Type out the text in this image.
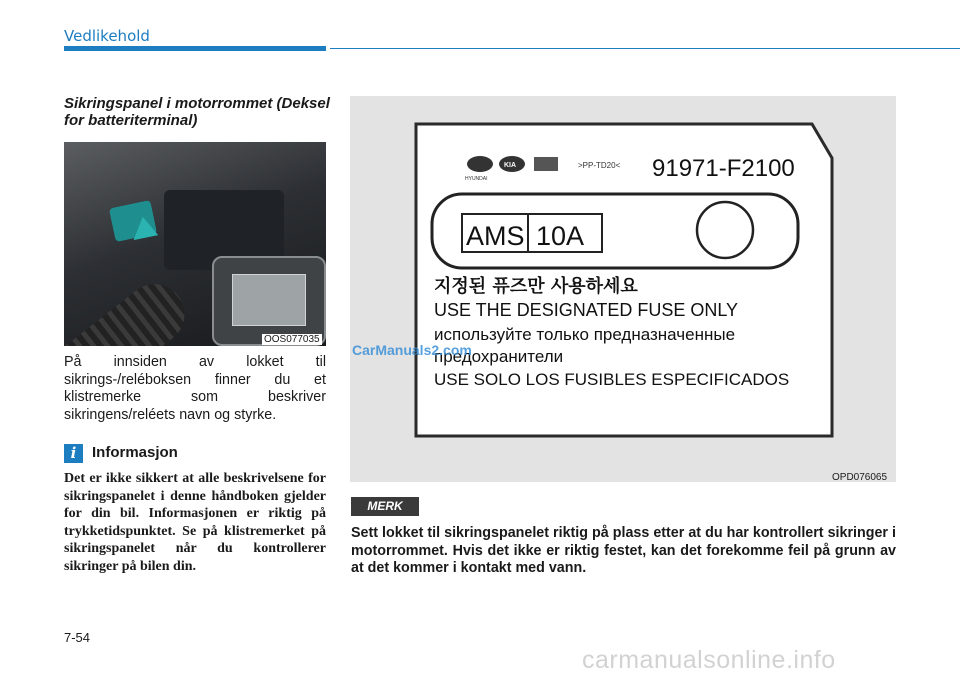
Vedlikehold
Sikringspanel i motorrommet (Deksel for batteriterminal)
OOS077035
På innsiden av lokket til sikrings-/reléboksen finner du et klistremerke som beskriver sikringens/reléets navn og styrke.
i	Informasjon
Det er ikke sikkert at alle beskrivelsene for sikringspanelet i denne håndboken gjelder for din bil. Informasjonen er riktig på trykketidspunktet. Se på klistremerket på sikringspanelet når du kontrollerer sikringer på bilen din.
HYUNDAI
KIA	>PP-TD20< 91971-F2100
AMS 10A
지정된 퓨즈만 사용하세요
USE THE DESIGNATED FUSE ONLY
используйте только предназначенные
предохранители
USE SOLO LOS FUSIBLES ESPECIFICADOS
OPD076065
CarManuals2.com
MERK
Sett lokket til sikringspanelet riktig på plass etter at du har kontrollert sikringer i motorrommet. Hvis det ikke er riktig festet, kan det forekomme feil på grunn av at det kommer i kontakt med vann.
7-54
carmanualsonline.info
